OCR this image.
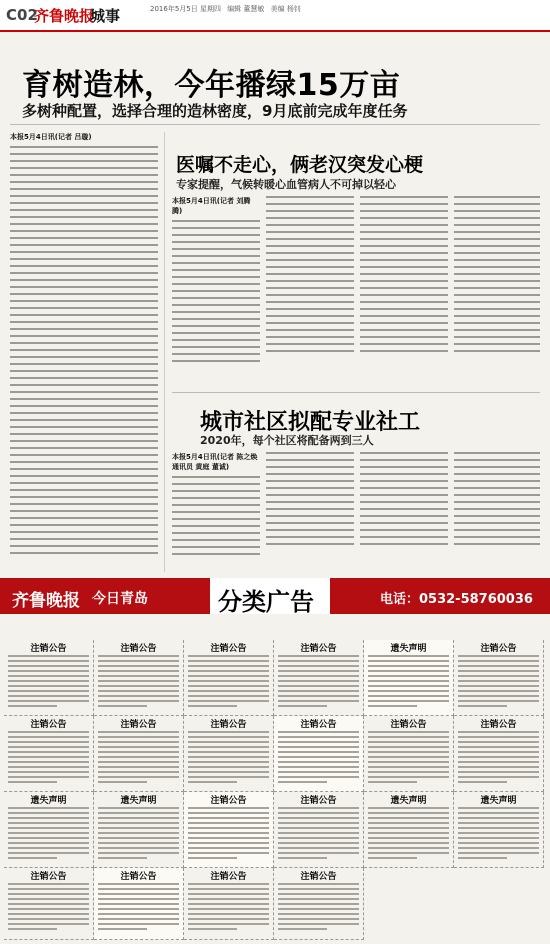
C02
齐鲁晚报
城事	2016年5月5日 星期四 编辑 董慧敏 美编 杨钊
育树造林，今年播绿15万亩
多树种配置，选择合理的造林密度，9月底前完成年度任务
本报5月4日讯(记者 吕璇)
医嘱不走心，俩老汉突发心梗
专家提醒，气候转暖心血管病人不可掉以轻心
本报5月4日讯(记者 刘腾腾)
城市社区拟配专业社工
2020年，每个社区将配备两到三人
本报5月4日讯(记者 陈之焕 通讯员 黄庭 董诚)
齐鲁晚报 今日青岛	分类广告	电话：0532-58760036
注销公告	注销公告	注销公告	注销公告	遗失声明	注销公告
注销公告	注销公告	注销公告	注销公告	注销公告	注销公告
遗失声明	遗失声明	注销公告	注销公告	遗失声明	遗失声明
注销公告	注销公告	注销公告	注销公告
